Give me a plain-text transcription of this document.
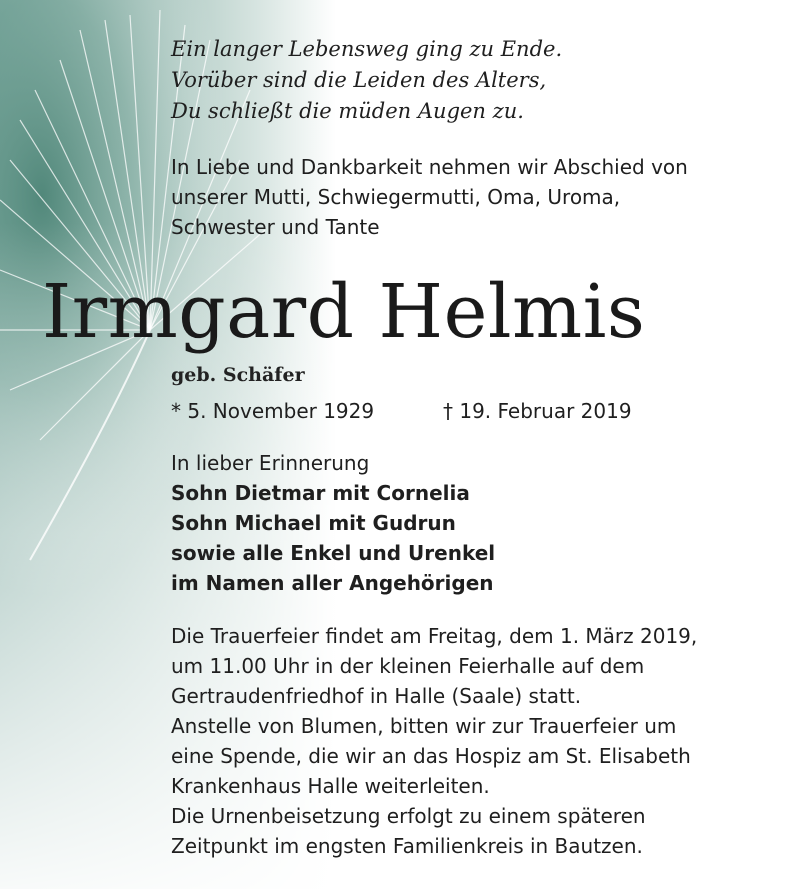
Ein langer Lebensweg ging zu Ende.
Vorüber sind die Leiden des Alters,
Du schließt die müden Augen zu.
In Liebe und Dankbarkeit nehmen wir Abschied von
unserer Mutti, Schwiegermutti, Oma, Uroma,
Schwester und Tante
Irmgard Helmis
geb. Schäfer
* 5. November 1929	† 19. Februar 2019
In lieber Erinnerung
Sohn Dietmar mit Cornelia
Sohn Michael mit Gudrun
sowie alle Enkel und Urenkel
im Namen aller Angehörigen
Die Trauerfeier findet am Freitag, dem 1. März 2019,
um 11.00 Uhr in der kleinen Feierhalle auf dem
Gertraudenfriedhof in Halle (Saale) statt.
Anstelle von Blumen, bitten wir zur Trauerfeier um
eine Spende, die wir an das Hospiz am St. Elisabeth
Krankenhaus Halle weiterleiten.
Die Urnenbeisetzung erfolgt zu einem späteren
Zeitpunkt im engsten Familienkreis in Bautzen.
